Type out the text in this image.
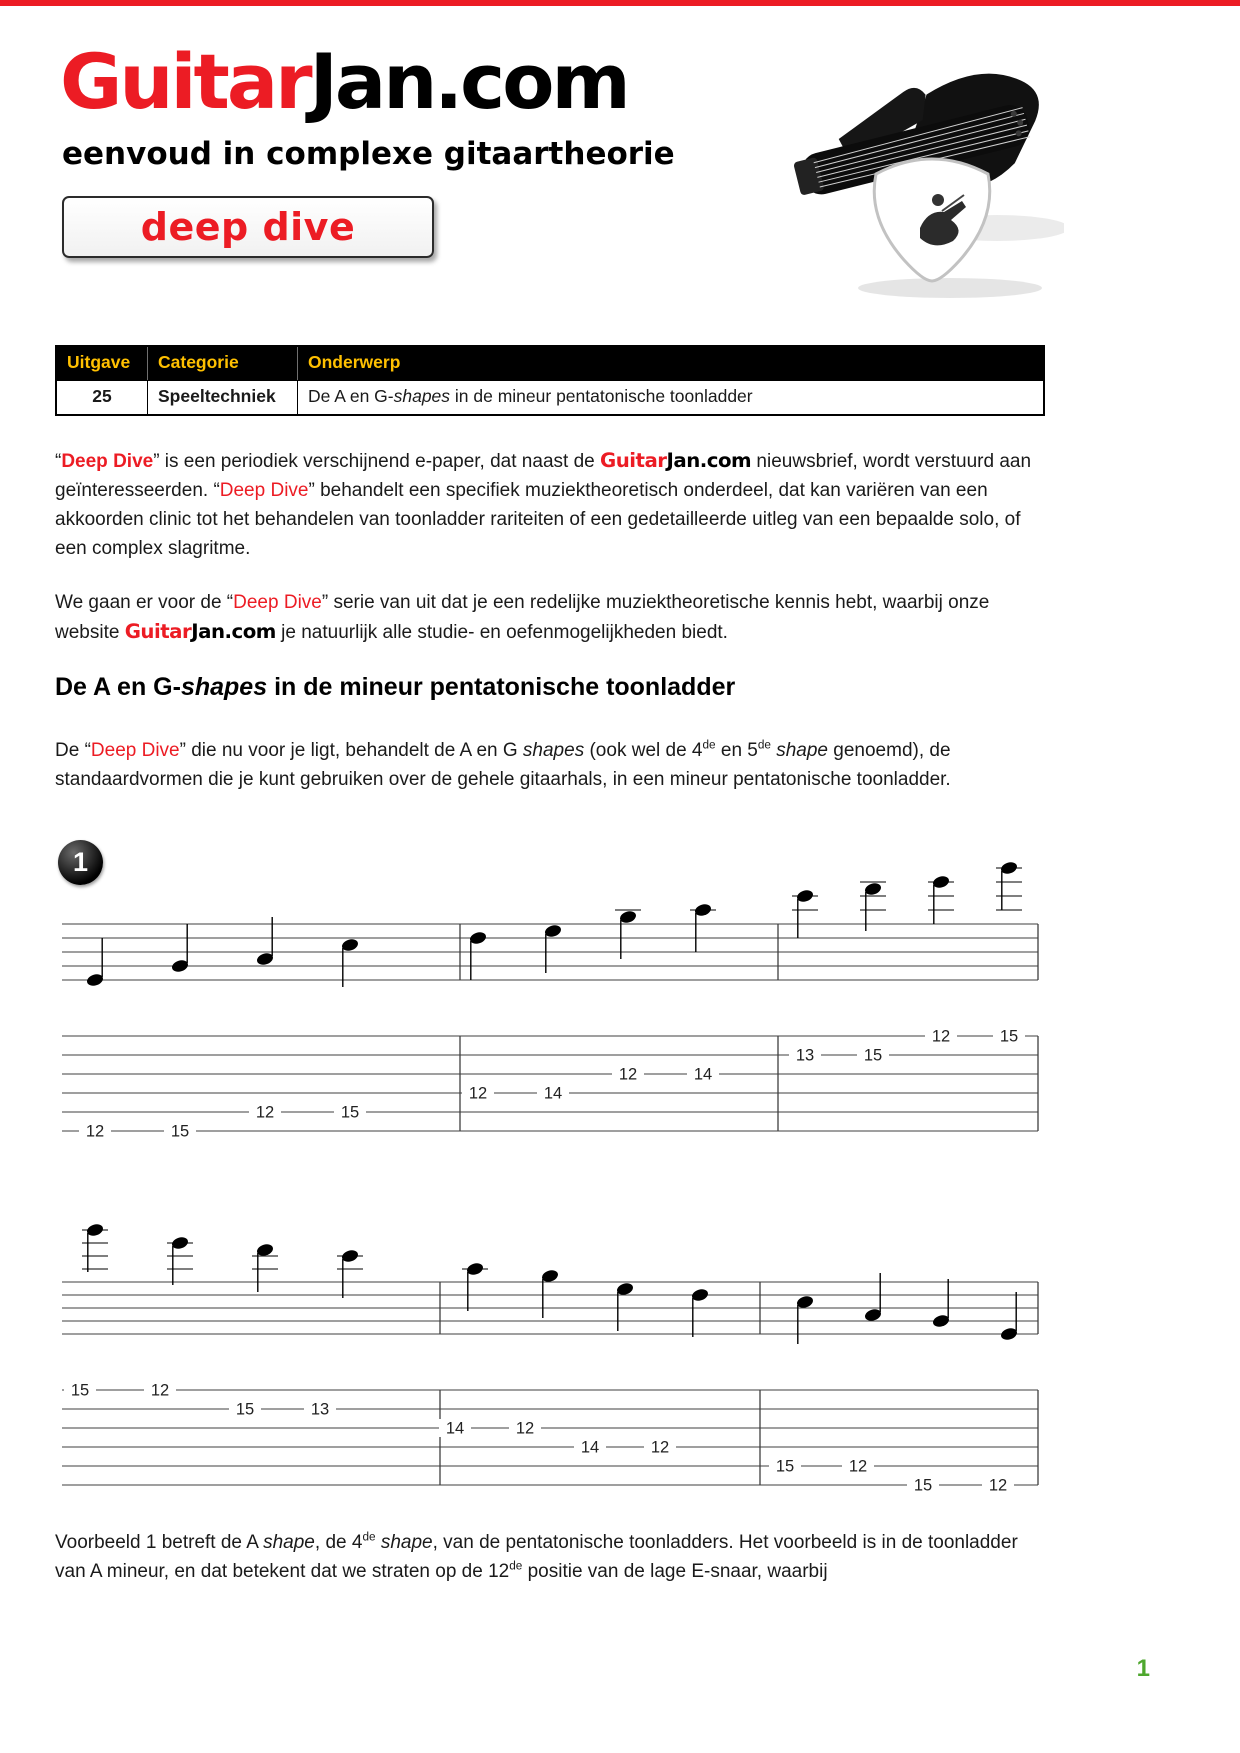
GuitarJan.com
eenvoud in complexe gitaartheorie
deep dive
Uitgave	Categorie	Onderwerp
25	Speeltechniek	De A en G-shapes in de mineur pentatonische toonladder
“Deep Dive” is een periodiek verschijnend e-paper, dat naast de GuitarJan.com nieuwsbrief, wordt verstuurd aan geïnteresseerden. “Deep Dive” behandelt een specifiek muziektheoretisch onderdeel, dat kan variëren van een akkoorden clinic tot het behandelen van toonladder rariteiten of een gedetailleerde uitleg van een bepaalde solo, of een complex slagritme.
We gaan er voor de “Deep Dive” serie van uit dat je een redelijke muziektheoretische kennis hebt, waarbij onze website GuitarJan.com je natuurlijk alle studie- en oefenmogelijkheden biedt.
De A en G-shapes in de mineur pentatonische toonladder
De “Deep Dive” die nu voor je ligt, behandelt de A en G shapes (ook wel de 4de en 5de shape genoemd), de standaardvormen die je kunt gebruiken over de gehele gitaarhals, in een mineur pentatonische toonladder.
1
12	15
12	15
12	14
12	14
13	15
12	15
15	12
15	13
14	12
14	12
15	12
15	12
Voorbeeld 1 betreft de A shape, de 4de shape, van de pentatonische toonladders. Het voorbeeld is in de toonladder van A mineur, en dat betekent dat we straten op de 12de positie van de lage E-snaar, waarbij
1
